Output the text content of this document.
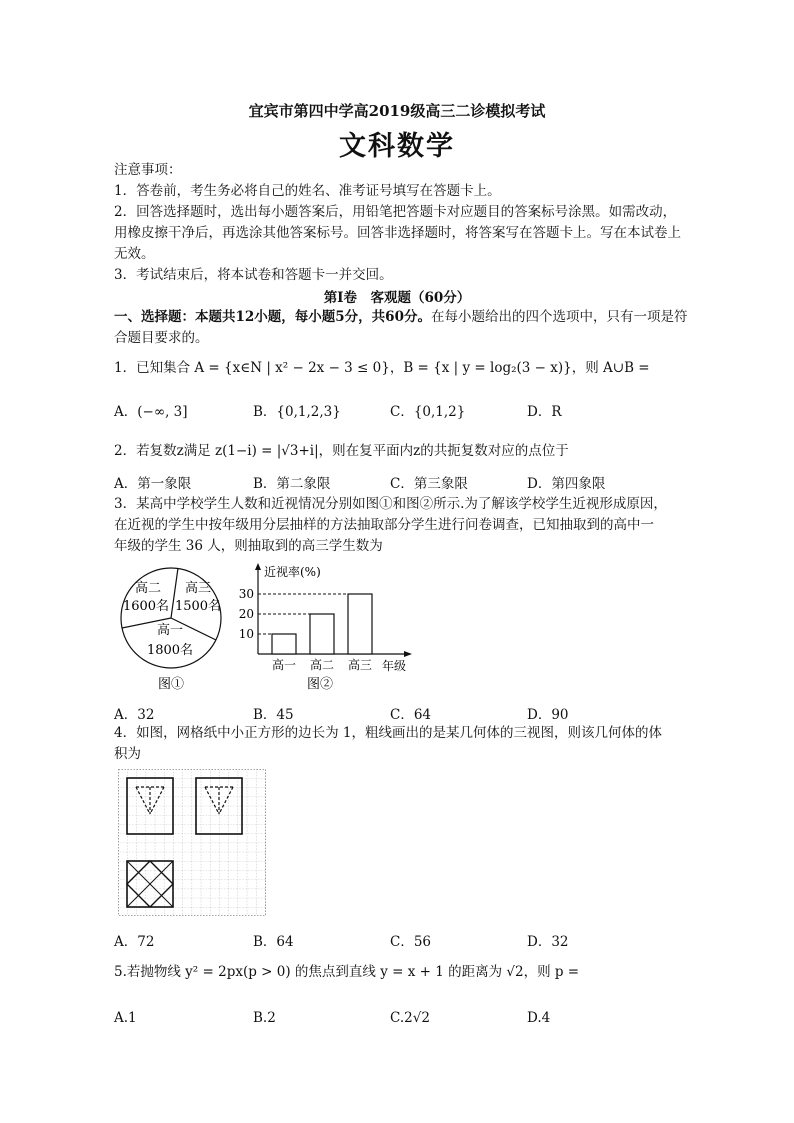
宜宾市第四中学高2019级高三二诊模拟考试
文科数学
注意事项：
1．答卷前，考生务必将自己的姓名、准考证号填写在答题卡上。
2．回答选择题时，选出每小题答案后，用铅笔把答题卡对应题目的答案标号涂黑。如需改动，用橡皮擦干净后，再选涂其他答案标号。回答非选择题时，将答案写在答题卡上。写在本试卷上无效。
3．考试结束后，将本试卷和答题卡一并交回。
第I卷　客观题（60分）
一、选择题：本题共12小题，每小题5分，共60分。在每小题给出的四个选项中，只有一项是符合题目要求的。
1．已知集合 A = {x∈N | x² − 2x − 3 ≤ 0}，B = {x | y = log₂(3 − x)}，则 A∪B =
A．(−∞, 3]	B．{0,1,2,3}	C．{0,1,2}	D．R
2．若复数z满足 z(1−i) = |√3+i|，则在复平面内z的共扼复数对应的点位于
A．第一象限	B．第二象限	C．第三象限	D．第四象限
3．某高中学校学生人数和近视情况分别如图①和图②所示.为了解该学校学生近视形成原因，
在近视的学生中按年级用分层抽样的方法抽取部分学生进行问卷调查，已知抽取到的高中一
年级的学生 36 人，则抽取到的高三学生数为
高二
1600名
高三
1500名
高一
1800名
图①
近视率(%)
年级
10
20
30
高一 高二 高三
图②
A．32	B．45	C．64	D．90
4．如图，网格纸中小正方形的边长为 1，粗线画出的是某几何体的三视图，则该几何体的体
积为
A．72	B．64	C．56	D．32
5.若抛物线 y² = 2px(p > 0) 的焦点到直线 y = x + 1 的距离为 √2，则 p =
A.1	B.2	C.2√2	D.4
